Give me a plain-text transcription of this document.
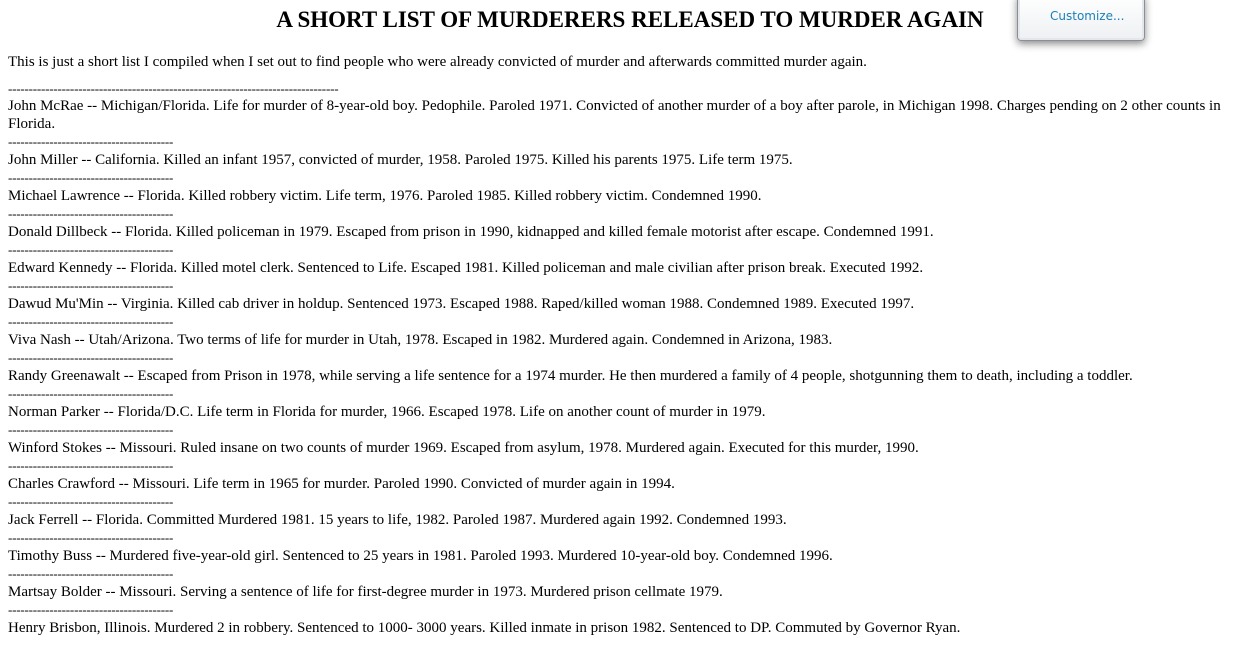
A SHORT LIST OF MURDERERS RELEASED TO MURDER AGAIN

This is just a short list I compiled when I set out to find people who were already convicted of murder and afterwards committed murder again.

--------------------------------------------------------------------------------
John McRae -- Michigan/Florida. Life for murder of 8-year-old boy. Pedophile. Paroled 1971. Convicted of another murder of a boy after parole, in Michigan 1998. Charges pending on 2 other counts in Florida.
----------------------------------------
John Miller -- California. Killed an infant 1957, convicted of murder, 1958. Paroled 1975. Killed his parents 1975. Life term 1975.
----------------------------------------
Michael Lawrence -- Florida. Killed robbery victim. Life term, 1976. Paroled 1985. Killed robbery victim. Condemned 1990.
----------------------------------------
Donald Dillbeck -- Florida. Killed policeman in 1979. Escaped from prison in 1990, kidnapped and killed female motorist after escape. Condemned 1991.
----------------------------------------
Edward Kennedy -- Florida. Killed motel clerk. Sentenced to Life. Escaped 1981. Killed policeman and male civilian after prison break. Executed 1992.
----------------------------------------
Dawud Mu'Min -- Virginia. Killed cab driver in holdup. Sentenced 1973. Escaped 1988. Raped/killed woman 1988. Condemned 1989. Executed 1997.
----------------------------------------
Viva Nash -- Utah/Arizona. Two terms of life for murder in Utah, 1978. Escaped in 1982. Murdered again. Condemned in Arizona, 1983.
----------------------------------------
Randy Greenawalt -- Escaped from Prison in 1978, while serving a life sentence for a 1974 murder. He then murdered a family of 4 people, shotgunning them to death, including a toddler.
----------------------------------------
Norman Parker -- Florida/D.C. Life term in Florida for murder, 1966. Escaped 1978. Life on another count of murder in 1979.
----------------------------------------
Winford Stokes -- Missouri. Ruled insane on two counts of murder 1969. Escaped from asylum, 1978. Murdered again. Executed for this murder, 1990.
----------------------------------------
Charles Crawford -- Missouri. Life term in 1965 for murder. Paroled 1990. Convicted of murder again in 1994.
----------------------------------------
Jack Ferrell -- Florida. Committed Murdered 1981. 15 years to life, 1982. Paroled 1987. Murdered again 1992. Condemned 1993.
----------------------------------------
Timothy Buss -- Murdered five-year-old girl. Sentenced to 25 years in 1981. Paroled 1993. Murdered 10-year-old boy. Condemned 1996.
----------------------------------------
Martsay Bolder -- Missouri. Serving a sentence of life for first-degree murder in 1973. Murdered prison cellmate 1979.
----------------------------------------
Henry Brisbon, Illinois. Murdered 2 in robbery. Sentenced to 1000- 3000 years. Killed inmate in prison 1982. Sentenced to DP. Commuted by Governor Ryan.
Customize...
